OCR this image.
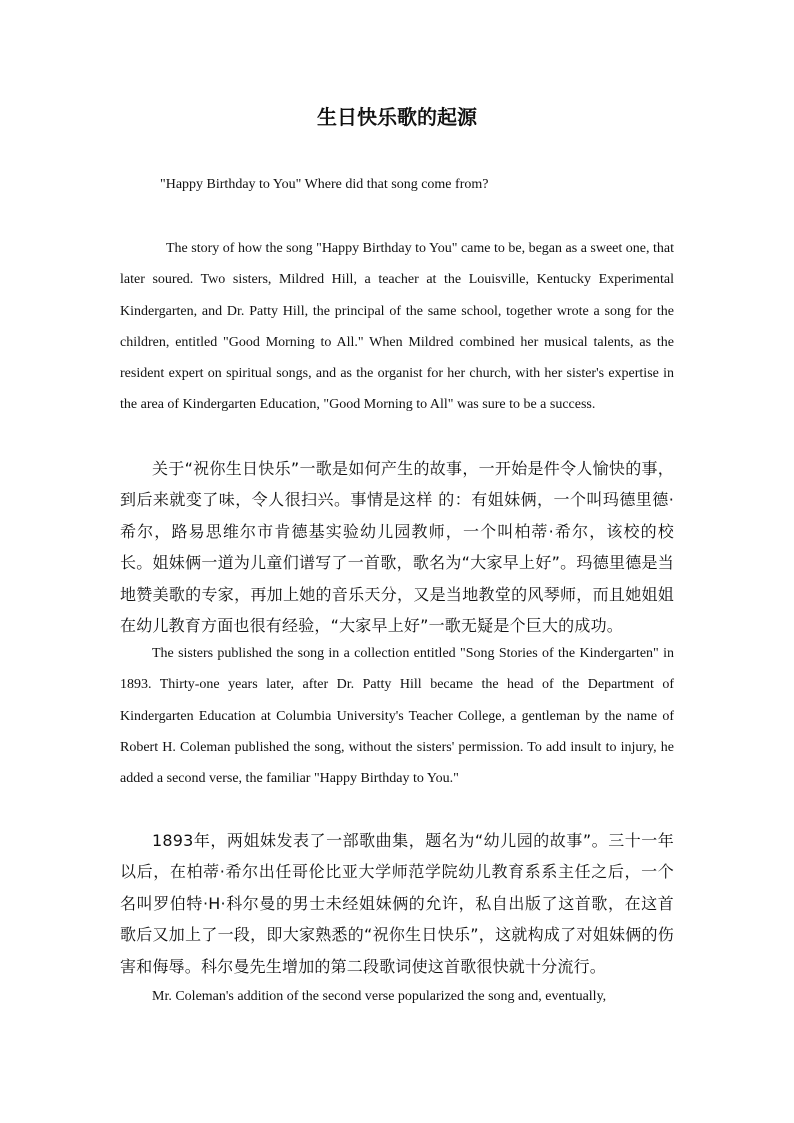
生日快乐歌的起源

"Happy Birthday to You" Where did that song come from?

The story of how the song "Happy Birthday to You" came to be, began as a sweet one, that later soured. Two sisters, Mildred Hill, a teacher at the Louisville, Kentucky Experimental Kindergarten, and Dr. Patty Hill, the principal of the same school, together wrote a song for the children, entitled "Good Morning to All." When Mildred combined her musical talents, as the resident expert on spiritual songs, and as the organist for her church, with her sister's expertise in the area of Kindergarten Education, "Good Morning to All" was sure to be a success.

关于“祝你生日快乐”一歌是如何产生的故事，一开始是件令人愉快的事，到后来就变了味，令人很扫兴。事情是这样 的：有姐妹俩，一个叫玛德里德·希尔，路易思维尔市肯德基实验幼儿园教师，一个叫柏蒂·希尔，该校的校长。姐妹俩一道为儿童们谱写了一首歌，歌名为“大家早上好”。玛德里德是当地赞美歌的专家，再加上她的音乐天分，又是当地教堂的风琴师，而且她姐姐在幼儿教育方面也很有经验，“大家早上好”一歌无疑是个巨大的成功。

The sisters published the song in a collection entitled "Song Stories of the Kindergarten" in 1893. Thirty-one years later, after Dr. Patty Hill became the head of the Department of Kindergarten Education at Columbia University's Teacher College, a gentleman by the name of Robert H. Coleman published the song, without the sisters' permission. To add insult to injury, he added a second verse, the familiar "Happy Birthday to You."

1893年，两姐妹发表了一部歌曲集，题名为“幼儿园的故事”。三十一年以后，在柏蒂·希尔出任哥伦比亚大学师范学院幼儿教育系系主任之后，一个名叫罗伯特·H·科尔曼的男士未经姐妹俩的允许，私自出版了这首歌，在这首歌后又加上了一段，即大家熟悉的“祝你生日快乐”，这就构成了对姐妹俩的伤害和侮辱。科尔曼先生增加的第二段歌词使这首歌很快就十分流行。

Mr. Coleman's addition of the second verse popularized the song and, eventually,
